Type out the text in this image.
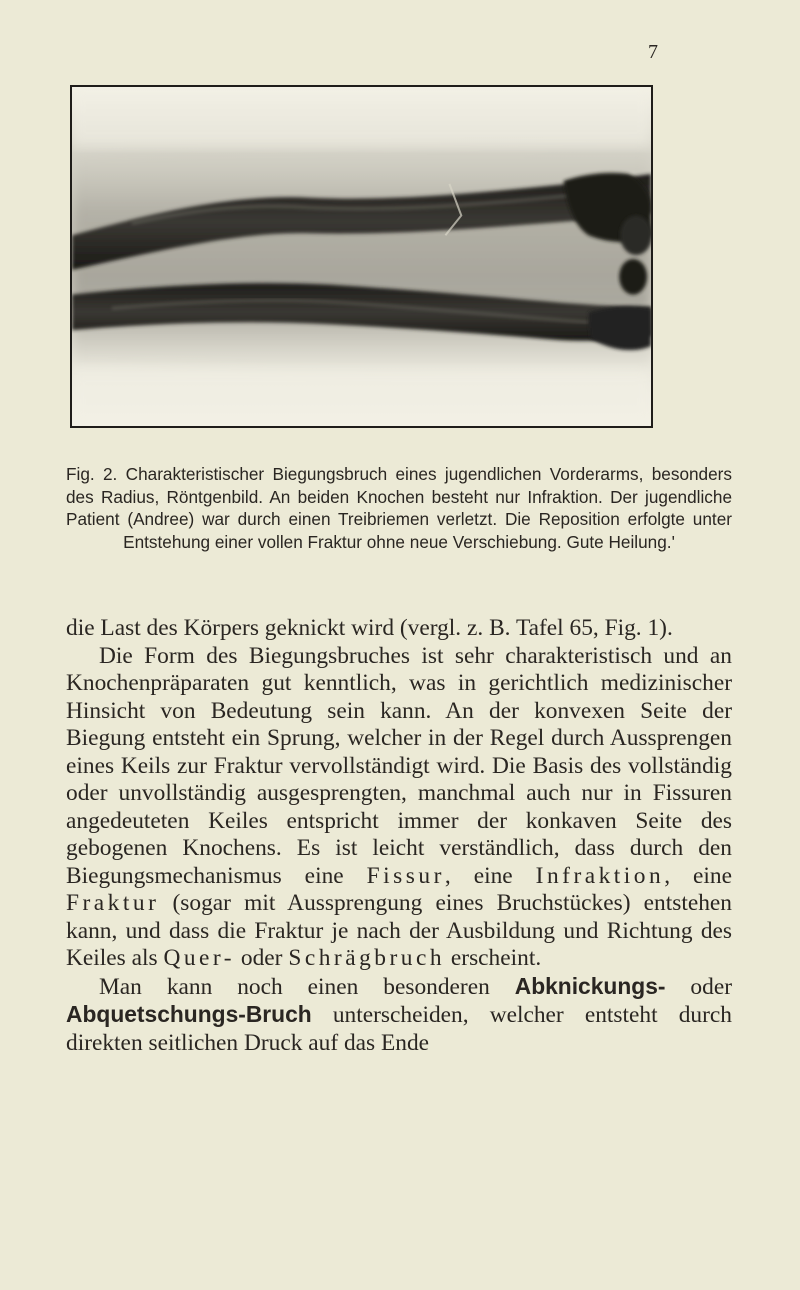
7
Fig. 2. Charakteristischer Biegungsbruch eines jugendlichen Vorderarms, besonders des Radius, Röntgenbild. An beiden Knochen besteht nur Infraktion. Der jugendliche Patient (Andree) war durch einen Treibriemen verletzt. Die Reposition erfolgte unter Entstehung einer vollen Fraktur ohne neue Verschiebung. Gute Heilung.'

die Last des Körpers geknickt wird (vergl. z. B. Tafel 65, Fig. 1).

Die Form des Biegungsbruches ist sehr charakteristisch und an Knochenpräparaten gut kenntlich, was in gerichtlich medizinischer Hinsicht von Bedeutung sein kann. An der konvexen Seite der Biegung entsteht ein Sprung, welcher in der Regel durch Aussprengen eines Keils zur Fraktur vervollständigt wird. Die Basis des vollständig oder unvollständig ausgesprengten, manchmal auch nur in Fissuren angedeuteten Keiles entspricht immer der konkaven Seite des gebogenen Knochens. Es ist leicht verständlich, dass durch den Biegungsmechanismus eine Fissur, eine Infraktion, eine Fraktur (sogar mit Aussprengung eines Bruchstückes) entstehen kann, und dass die Fraktur je nach der Ausbildung und Richtung des Keiles als Quer- oder Schrägbruch erscheint.

Man kann noch einen besonderen Abknickungs- oder Abquetschungs-Bruch unterscheiden, welcher entsteht durch direkten seitlichen Druck auf das Ende
